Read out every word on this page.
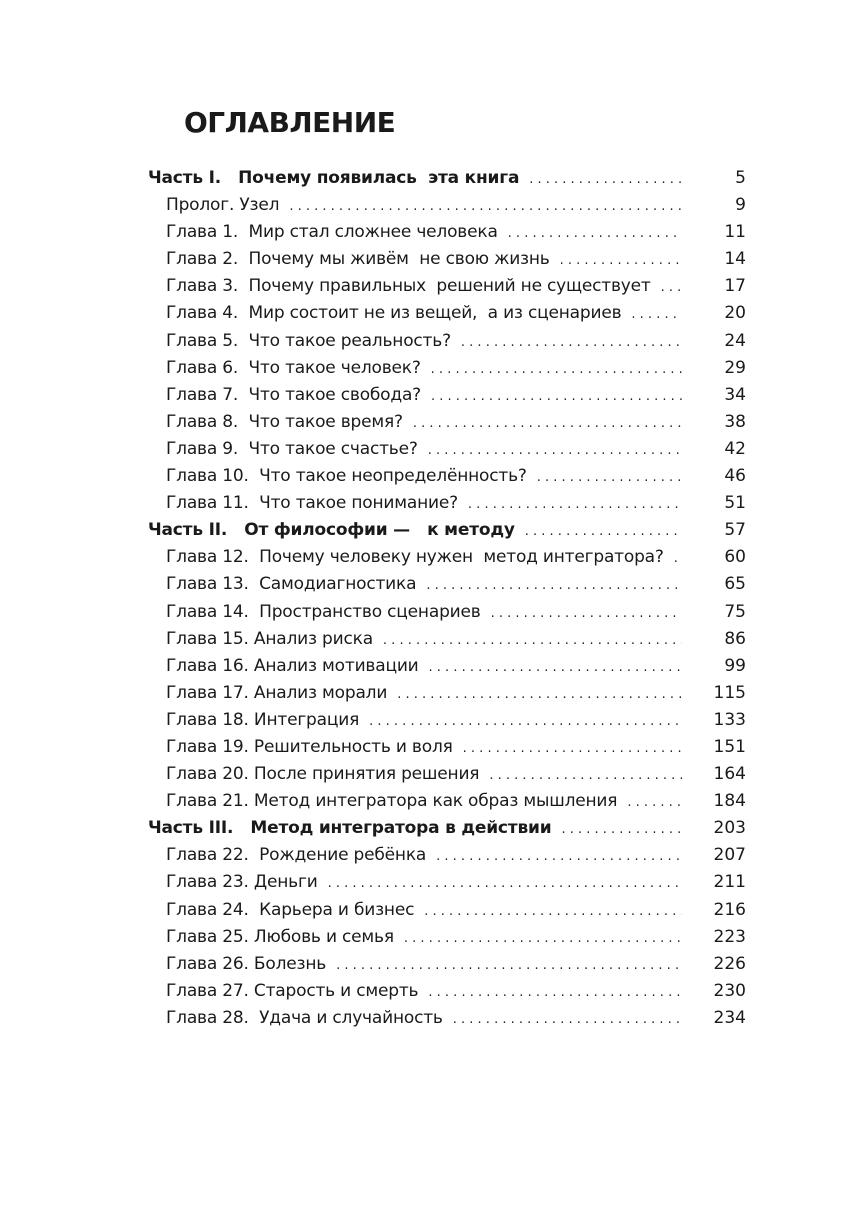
ОГЛАВЛЕНИЕ
Часть I.   Почему появилась  эта книга . . .	5
Пролог. Узел . . .	9
Глава 1.  Мир стал сложнее человека . . .	11
Глава 2.  Почему мы живём  не свою жизнь . . .	14
Глава 3.  Почему правильных  решений не существует . . .	17
Глава 4.  Мир состоит не из вещей,  а из сценариев . . .	20
Глава 5.  Что такое реальность? . . .	24
Глава 6.  Что такое человек? . . .	29
Глава 7.  Что такое свобода? . . .	34
Глава 8.  Что такое время? . . .	38
Глава 9.  Что такое счастье? . . .	42
Глава 10.  Что такое неопределённость? . . .	46
Глава 11.  Что такое понимание? . . .	51
Часть II.   От философии —   к методу . . .	57
Глава 12.  Почему человеку нужен  метод интегратора? . . .	60
Глава 13.  Самодиагностика . . .	65
Глава 14.  Пространство сценариев . . .	75
Глава 15. Анализ риска . . .	86
Глава 16. Анализ мотивации . . .	99
Глава 17. Анализ морали . . .	115
Глава 18. Интеграция . . .	133
Глава 19. Решительность и воля . . .	151
Глава 20. После принятия решения . . .	164
Глава 21. Метод интегратора как образ мышления . . .	184
Часть III.   Метод интегратора в действии . . .	203
Глава 22.  Рождение ребёнка . . .	207
Глава 23. Деньги . . .	211
Глава 24.  Карьера и бизнес . . .	216
Глава 25. Любовь и семья . . .	223
Глава 26. Болезнь . . .	226
Глава 27. Старость и смерть . . .	230
Глава 28.  Удача и случайность . . .	234
